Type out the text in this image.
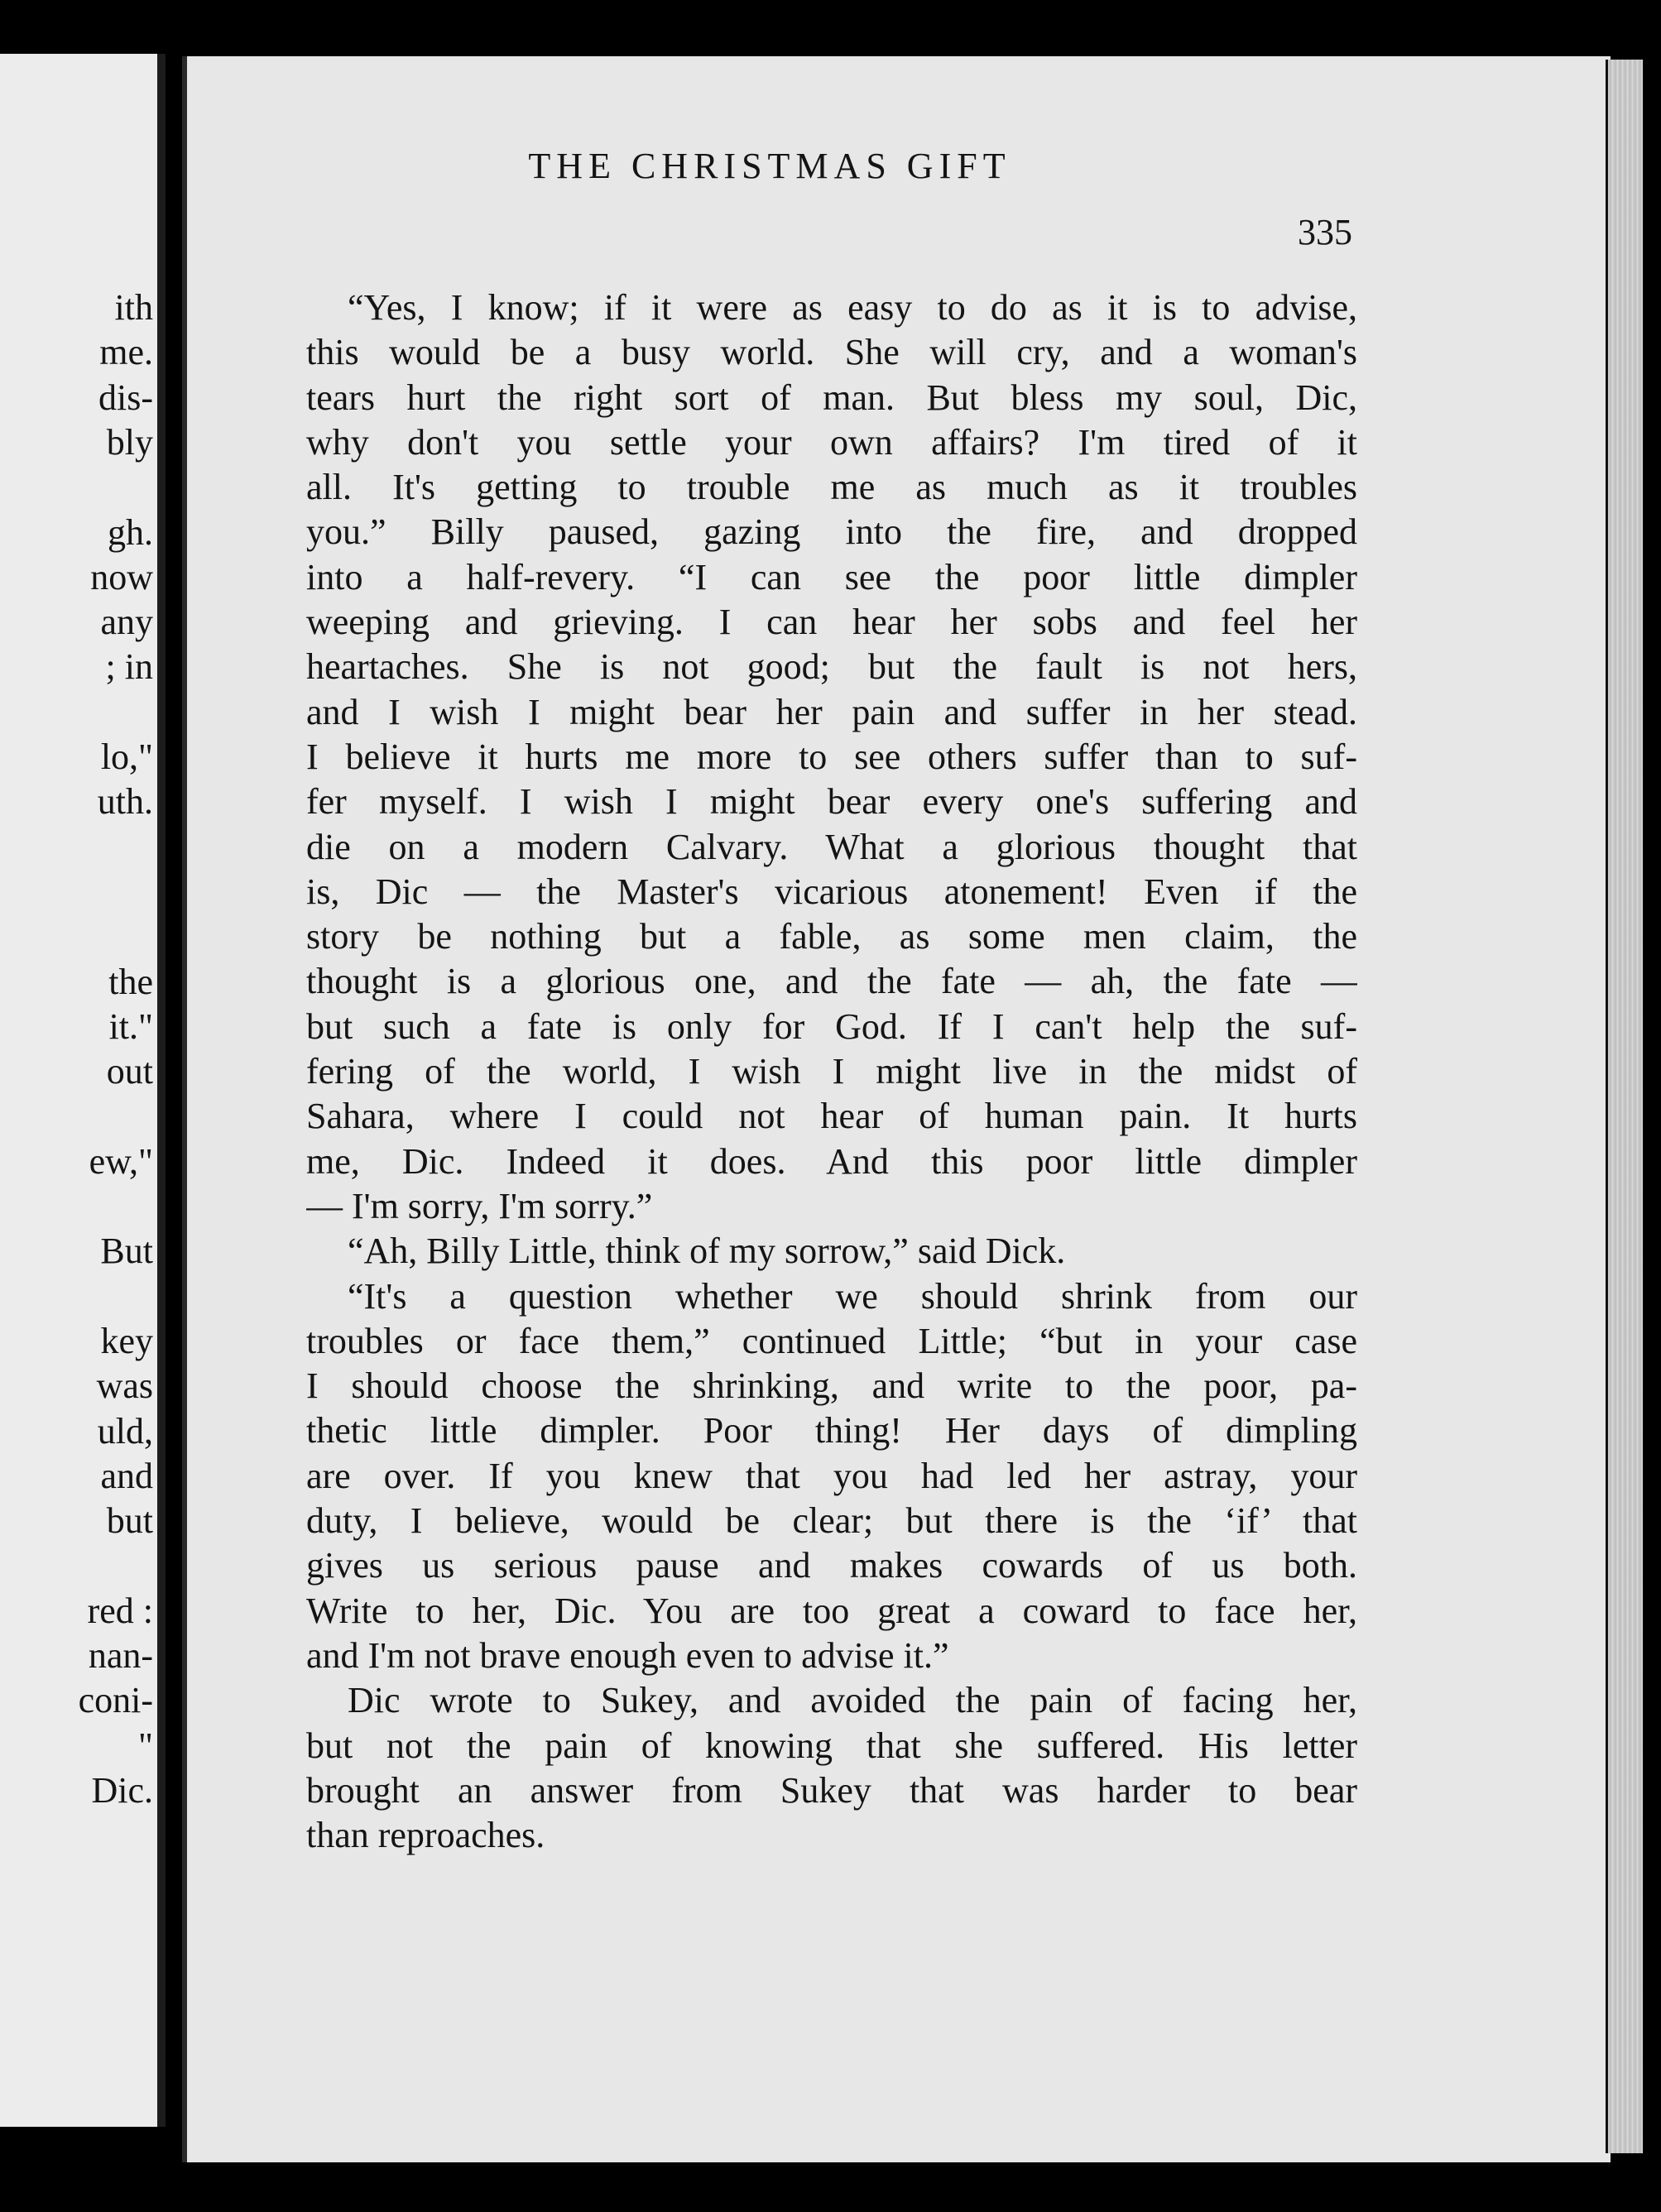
ith
me.
dis-
bly
gh.
now
any
; in
lo,"
uth.
the
it."
out
ew,"
But
key
was
uld,
and
but
red :
nan-
coni-
"
Dic.
THE CHRISTMAS GIFT
335
“Yes, I know; if it were as easy to do as it is to advise,
this would be a busy world. She will cry, and a woman's
tears hurt the right sort of man. But bless my soul, Dic,
why don't you settle your own affairs? I'm tired of it
all. It's getting to trouble me as much as it troubles
you.” Billy paused, gazing into the fire, and dropped
into a half-revery. “I can see the poor little dimpler
weeping and grieving. I can hear her sobs and feel her
heartaches. She is not good; but the fault is not hers,
and I wish I might bear her pain and suffer in her stead.
I believe it hurts me more to see others suffer than to suf-
fer myself. I wish I might bear every one's suffering and
die on a modern Calvary. What a glorious thought that
is, Dic — the Master's vicarious atonement! Even if the
story be nothing but a fable, as some men claim, the
thought is a glorious one, and the fate — ah, the fate —
but such a fate is only for God. If I can't help the suf-
fering of the world, I wish I might live in the midst of
Sahara, where I could not hear of human pain. It hurts
me, Dic. Indeed it does. And this poor little dimpler
— I'm sorry, I'm sorry.”
“Ah, Billy Little, think of my sorrow,” said Dick.
“It's a question whether we should shrink from our
troubles or face them,” continued Little; “but in your case
I should choose the shrinking, and write to the poor, pa-
thetic little dimpler. Poor thing! Her days of dimpling
are over. If you knew that you had led her astray, your
duty, I believe, would be clear; but there is the ‘if’ that
gives us serious pause and makes cowards of us both.
Write to her, Dic. You are too great a coward to face her,
and I'm not brave enough even to advise it.”
Dic wrote to Sukey, and avoided the pain of facing her,
but not the pain of knowing that she suffered. His letter
brought an answer from Sukey that was harder to bear
than reproaches.
